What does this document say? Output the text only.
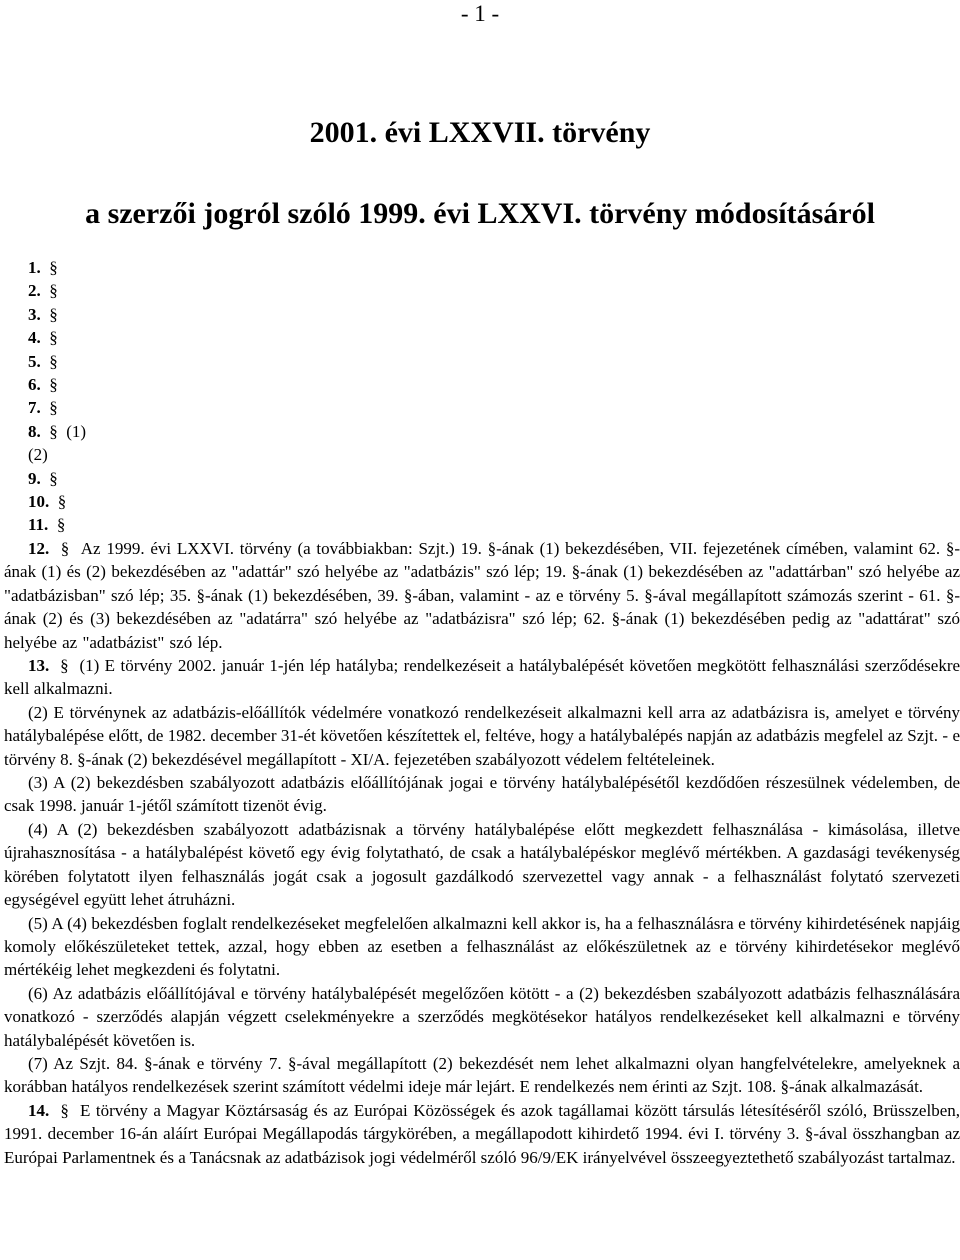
- 1 -
2001. évi LXXVII. törvény
a szerzői jogról szóló 1999. évi LXXVI. törvény módosításáról
1. §
2. §
3. §
4. §
5. §
6. §
7. §
8. § (1)
(2)
9. §
10. §
11. §

12. § Az 1999. évi LXXVI. törvény (a továbbiakban: Szjt.) 19. §-ának (1) bekezdésében, VII. fejezetének címében, valamint 62. §-ának (1) és (2) bekezdésében az "adattár" szó helyébe az "adatbázis" szó lép; 19. §-ának (1) bekezdésében az "adattárban" szó helyébe az "adatbázisban" szó lép; 35. §-ának (1) bekezdésében, 39. §-ában, valamint - az e törvény 5. §-ával megállapított számozás szerint - 61. §-ának (2) és (3) bekezdésében az "adatárra" szó helyébe az "adatbázisra" szó lép; 62. §-ának (1) bekezdésében pedig az "adattárat" szó helyébe az "adatbázist" szó lép.

13. § (1) E törvény 2002. január 1-jén lép hatályba; rendelkezéseit a hatálybalépését követően megkötött felhasználási szerződésekre kell alkalmazni.

(2) E törvénynek az adatbázis-előállítók védelmére vonatkozó rendelkezéseit alkalmazni kell arra az adatbázisra is, amelyet e törvény hatálybalépése előtt, de 1982. december 31-ét követően készítettek el, feltéve, hogy a hatálybalépés napján az adatbázis megfelel az Szjt. - e törvény 8. §-ának (2) bekezdésével megállapított - XI/A. fejezetében szabályozott védelem feltételeinek.

(3) A (2) bekezdésben szabályozott adatbázis előállítójának jogai e törvény hatálybalépésétől kezdődően részesülnek védelemben, de csak 1998. január 1-jétől számított tizenöt évig.

(4) A (2) bekezdésben szabályozott adatbázisnak a törvény hatálybalépése előtt megkezdett felhasználása - kimásolása, illetve újrahasznosítása - a hatálybalépést követő egy évig folytatható, de csak a hatálybalépéskor meglévő mértékben. A gazdasági tevékenység körében folytatott ilyen felhasználás jogát csak a jogosult gazdálkodó szervezettel vagy annak - a felhasználást folytató szervezeti egységével együtt lehet átruházni.

(5) A (4) bekezdésben foglalt rendelkezéseket megfelelően alkalmazni kell akkor is, ha a felhasználásra e törvény kihirdetésének napjáig komoly előkészületeket tettek, azzal, hogy ebben az esetben a felhasználást az előkészületnek az e törvény kihirdetésekor meglévő mértékéig lehet megkezdeni és folytatni.

(6) Az adatbázis előállítójával e törvény hatálybalépését megelőzően kötött - a (2) bekezdésben szabályozott adatbázis felhasználására vonatkozó - szerződés alapján végzett cselekményekre a szerződés megkötésekor hatályos rendelkezéseket kell alkalmazni e törvény hatálybalépését követően is.

(7) Az Szjt. 84. §-ának e törvény 7. §-ával megállapított (2) bekezdését nem lehet alkalmazni olyan hangfelvételekre, amelyeknek a korábban hatályos rendelkezések szerint számított védelmi ideje már lejárt. E rendelkezés nem érinti az Szjt. 108. §-ának alkalmazását.

14. § E törvény a Magyar Köztársaság és az Európai Közösségek és azok tagállamai között társulás létesítéséről szóló, Brüsszelben, 1991. december 16-án aláírt Európai Megállapodás tárgykörében, a megállapodott kihirdető 1994. évi I. törvény 3. §-ával összhangban az Európai Parlamentnek és a Tanácsnak az adatbázisok jogi védelméről szóló 96/9/EK irányelvével összeegyeztethető szabályozást tartalmaz.
